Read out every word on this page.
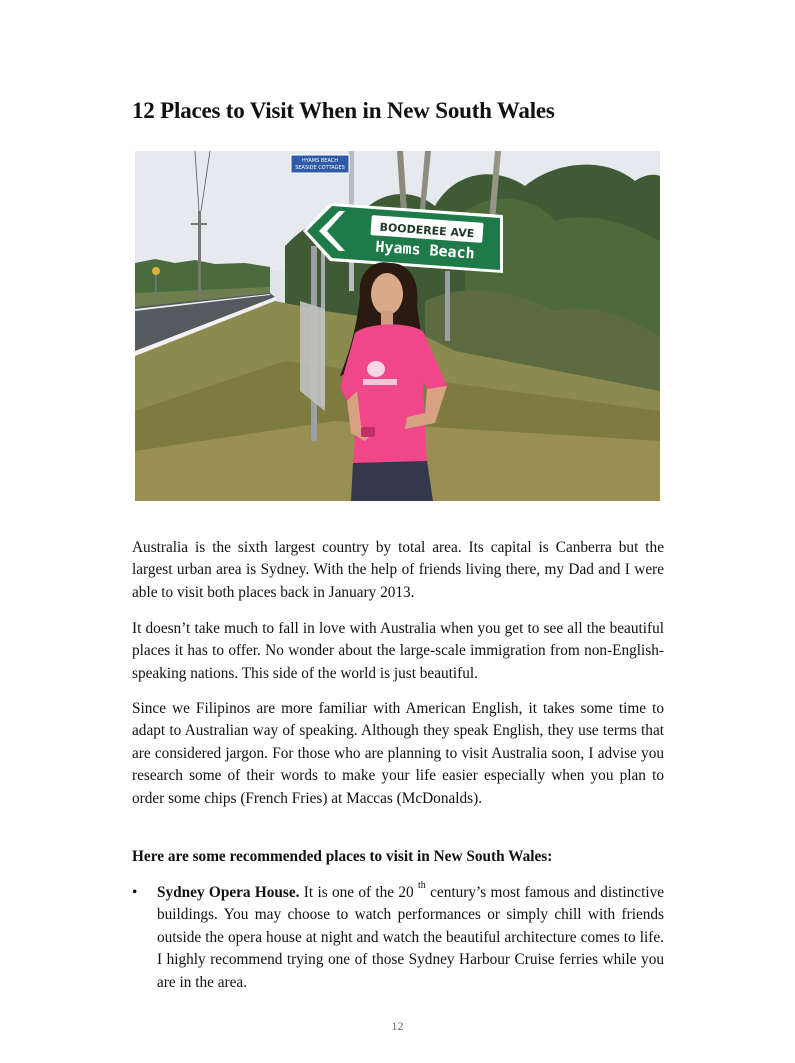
12 Places to Visit When in New South Wales
HYAMS BEACH
SEASIDE COTTAGES
BOODEREE AVE
Hyams Beach

Australia is the sixth largest country by total area. Its capital is Canberra but the largest urban area is Sydney. With the help of friends living there, my Dad and I were able to visit both places back in January 2013.

It doesn’t take much to fall in love with Australia when you get to see all the beautiful places it has to offer. No wonder about the large-scale immigration from non-English-speaking nations. This side of the world is just beautiful.

Since we Filipinos are more familiar with American English, it takes some time to adapt to Australian way of speaking. Although they speak English, they use terms that are considered jargon. For those who are planning to visit Australia soon, I advise you research some of their words to make your life easier especially when you plan to order some chips (French Fries) at Maccas (McDonalds).

Here are some recommended places to visit in New South Wales:

• Sydney Opera House. It is one of the 20 $^{th}$ century’s most famous and distinctive buildings. You may choose to watch performances or simply chill with friends outside the opera house at night and watch the beautiful architecture comes to life. I highly recommend trying one of those Sydney Harbour Cruise ferries while you are in the area.

12
